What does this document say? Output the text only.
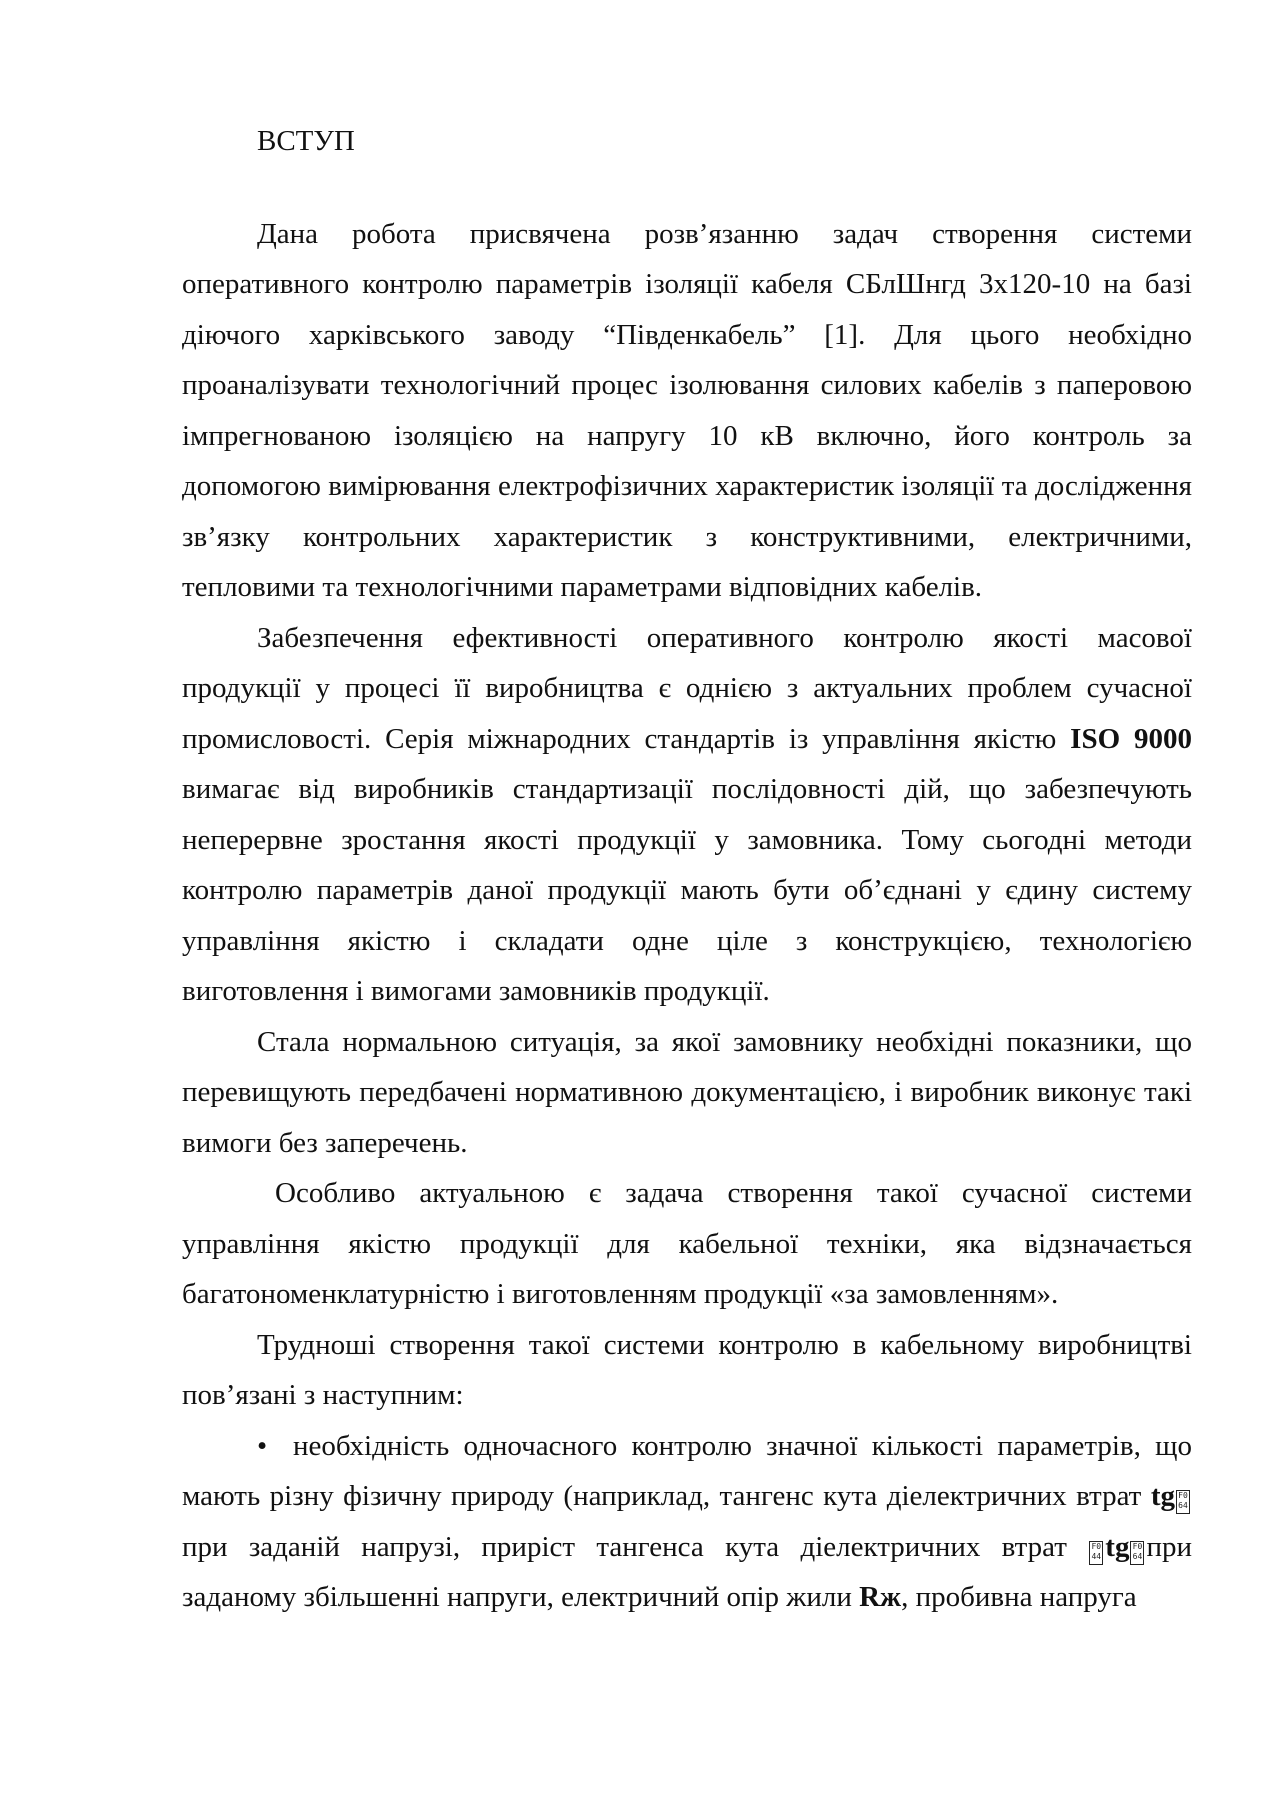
ВСТУП

Дана робота присвячена розв’язанню задач створення системи оперативного контролю параметрів ізоляції кабеля СБлШнгд 3х120-10 на базі діючого харківського заводу “Південкабель” [1]. Для цього необхідно проаналізувати технологічний процес ізолювання силових кабелів з паперовою імпрегнованою ізоляцією на напругу 10 кВ включно, його контроль за допомогою вимірювання електрофізичних характеристик ізоляції та дослідження зв’язку контрольних характеристик з конструктивними, електричними, тепловими та технологічними параметрами відповідних кабелів.

Забезпечення ефективності оперативного контролю якості масової продукції у процесі її виробництва є однією з актуальних проблем сучасної промисловості. Серія міжнародних стандартів із управління якістю ISO 9000 вимагає від виробників стандартизації послідовності дій, що забезпечують неперервне зростання якості продукції у замовника. Тому сьогодні методи контролю параметрів даної продукції мають бути об’єднані у єдину систему управління якістю і складати одне ціле з конструкцією, технологією виготовлення і вимогами замовників продукції.

Стала нормальною ситуація, за якої замовнику необхідні показники, що перевищують передбачені нормативною документацією, і виробник виконує такі вимоги без заперечень.

Особливо актуальною є задача створення такої сучасної системи управління якістю продукції для кабельної техніки, яка відзначається багатономенклатурністю і виготовленням продукції «за замовленням».

Трудноші створення такої системи контролю в кабельному виробництві пов’язані з наступним:

• необхідність одночасного контролю значної кількості параметрів, що мають різну фізичну природу (наприклад, тангенс кута діелектричних втрат tg F0
64при заданій напрузі, приріст тангенса кута діелектричних втрат F0
44 tg F0
64 при заданому збільшенні напруги, електричний опір жили Rж, пробивна напруга
